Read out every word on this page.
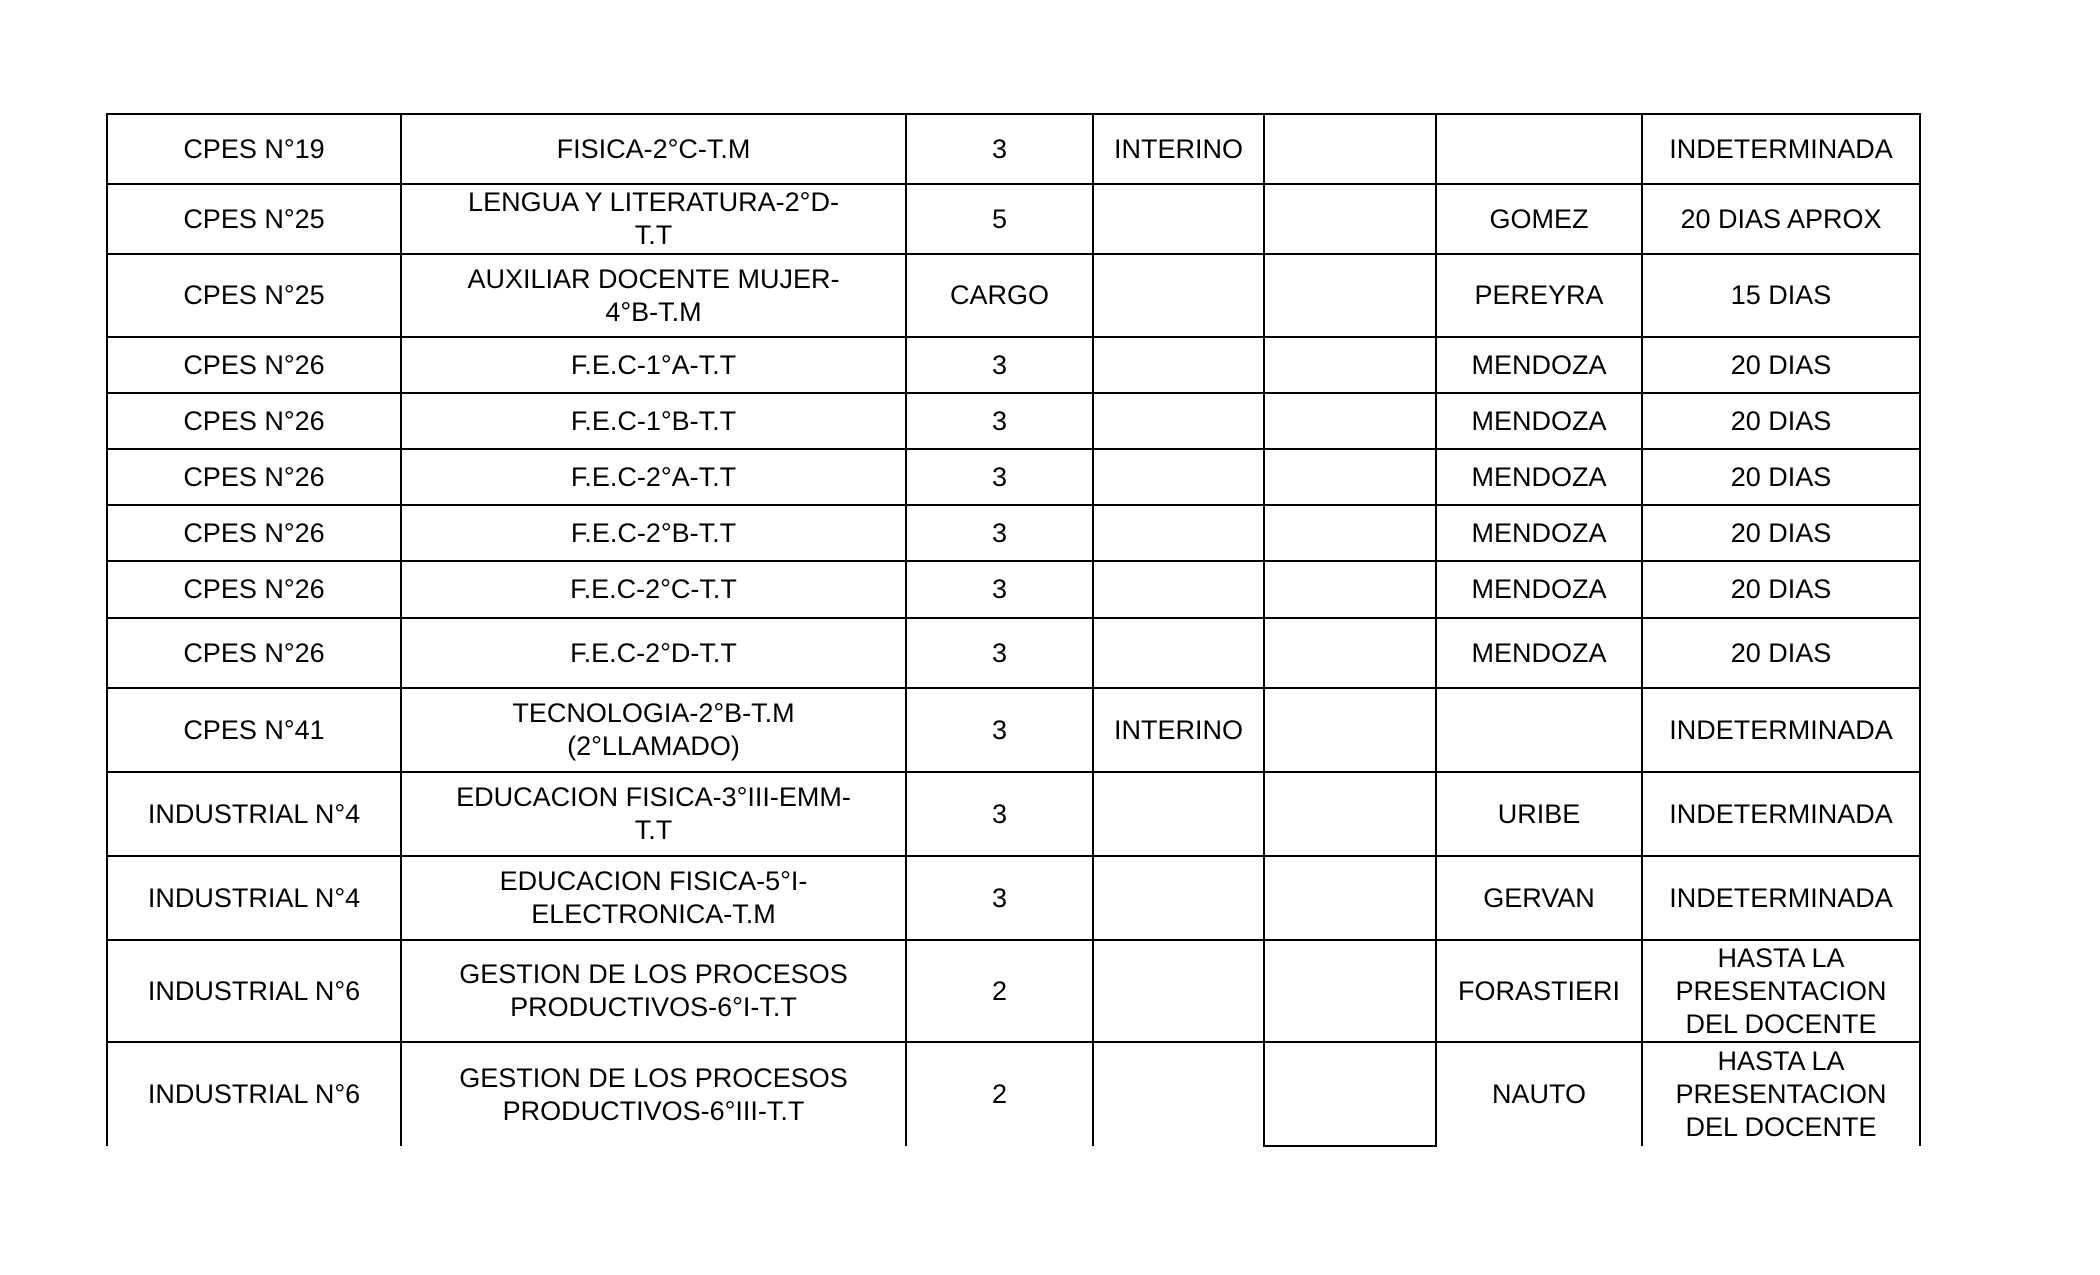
CPES N°19	FISICA-2°C-T.M	3	INTERINO			INDETERMINADA

CPES N°25	LENGUA Y LITERATURA-2°D-T.T	5			GOMEZ	20 DIAS APROX

CPES N°25	AUXILIAR DOCENTE MUJER-4°B-T.M	CARGO			PEREYRA	15 DIAS

CPES N°26	F.E.C-1°A-T.T	3			MENDOZA	20 DIAS

CPES N°26	F.E.C-1°B-T.T	3			MENDOZA	20 DIAS

CPES N°26	F.E.C-2°A-T.T	3			MENDOZA	20 DIAS

CPES N°26	F.E.C-2°B-T.T	3			MENDOZA	20 DIAS

CPES N°26	F.E.C-2°C-T.T	3			MENDOZA	20 DIAS

CPES N°26	F.E.C-2°D-T.T	3			MENDOZA	20 DIAS

CPES N°41	TECNOLOGIA-2°B-T.M (2°LLAMADO)	3	INTERINO			INDETERMINADA

INDUSTRIAL N°4	EDUCACION FISICA-3°III-EMM-T.T	3			URIBE	INDETERMINADA

INDUSTRIAL N°4	EDUCACION FISICA-5°I-ELECTRONICA-T.M	3			GERVAN	INDETERMINADA

INDUSTRIAL N°6	GESTION DE LOS PROCESOS PRODUCTIVOS-6°I-T.T	2			FORASTIERI	HASTA LA PRESENTACION DEL DOCENTE

INDUSTRIAL N°6	GESTION DE LOS PROCESOS PRODUCTIVOS-6°III-T.T	2			NAUTO	HASTA LA PRESENTACION DEL DOCENTE
